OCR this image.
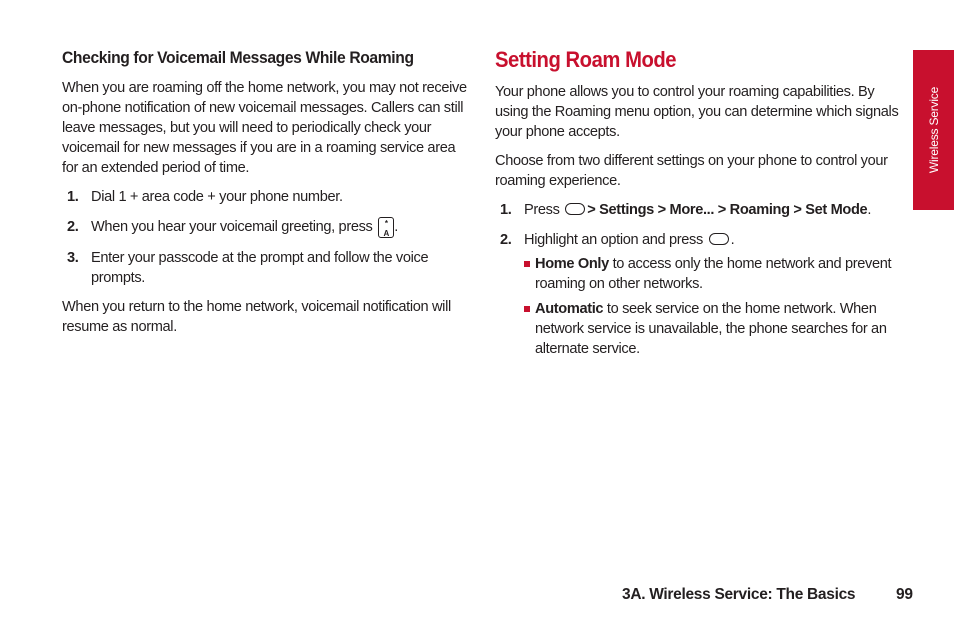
Checking for Voicemail Messages While Roaming

When you are roaming off the home network, you may not receive on-phone notification of new voicemail messages. Callers can still leave messages, but you will need to periodically check your voicemail for new messages if you are in a roaming service area for an extended period of time.

1. Dial 1 + area code + your phone number.
2. When you hear your voicemail greeting, press	*
A .
3. Enter your passcode at the prompt and follow the voice prompts.

When you return to the home network, voicemail notification will resume as normal.

Setting Roam Mode

Your phone allows you to control your roaming capabilities. By using the Roaming menu option, you can determine which signals your phone accepts.

Choose from two different settings on your phone to control your roaming experience.

1. Press > Settings > More... > Roaming > Set Mode.
2. Highlight an option and press .
Home Only to access only the home network and prevent roaming on other networks.
Automatic to seek service on the home network. When network service is unavailable, the phone searches for an alternate service.
Wireless Service
3A. Wireless Service: The Basics	99
